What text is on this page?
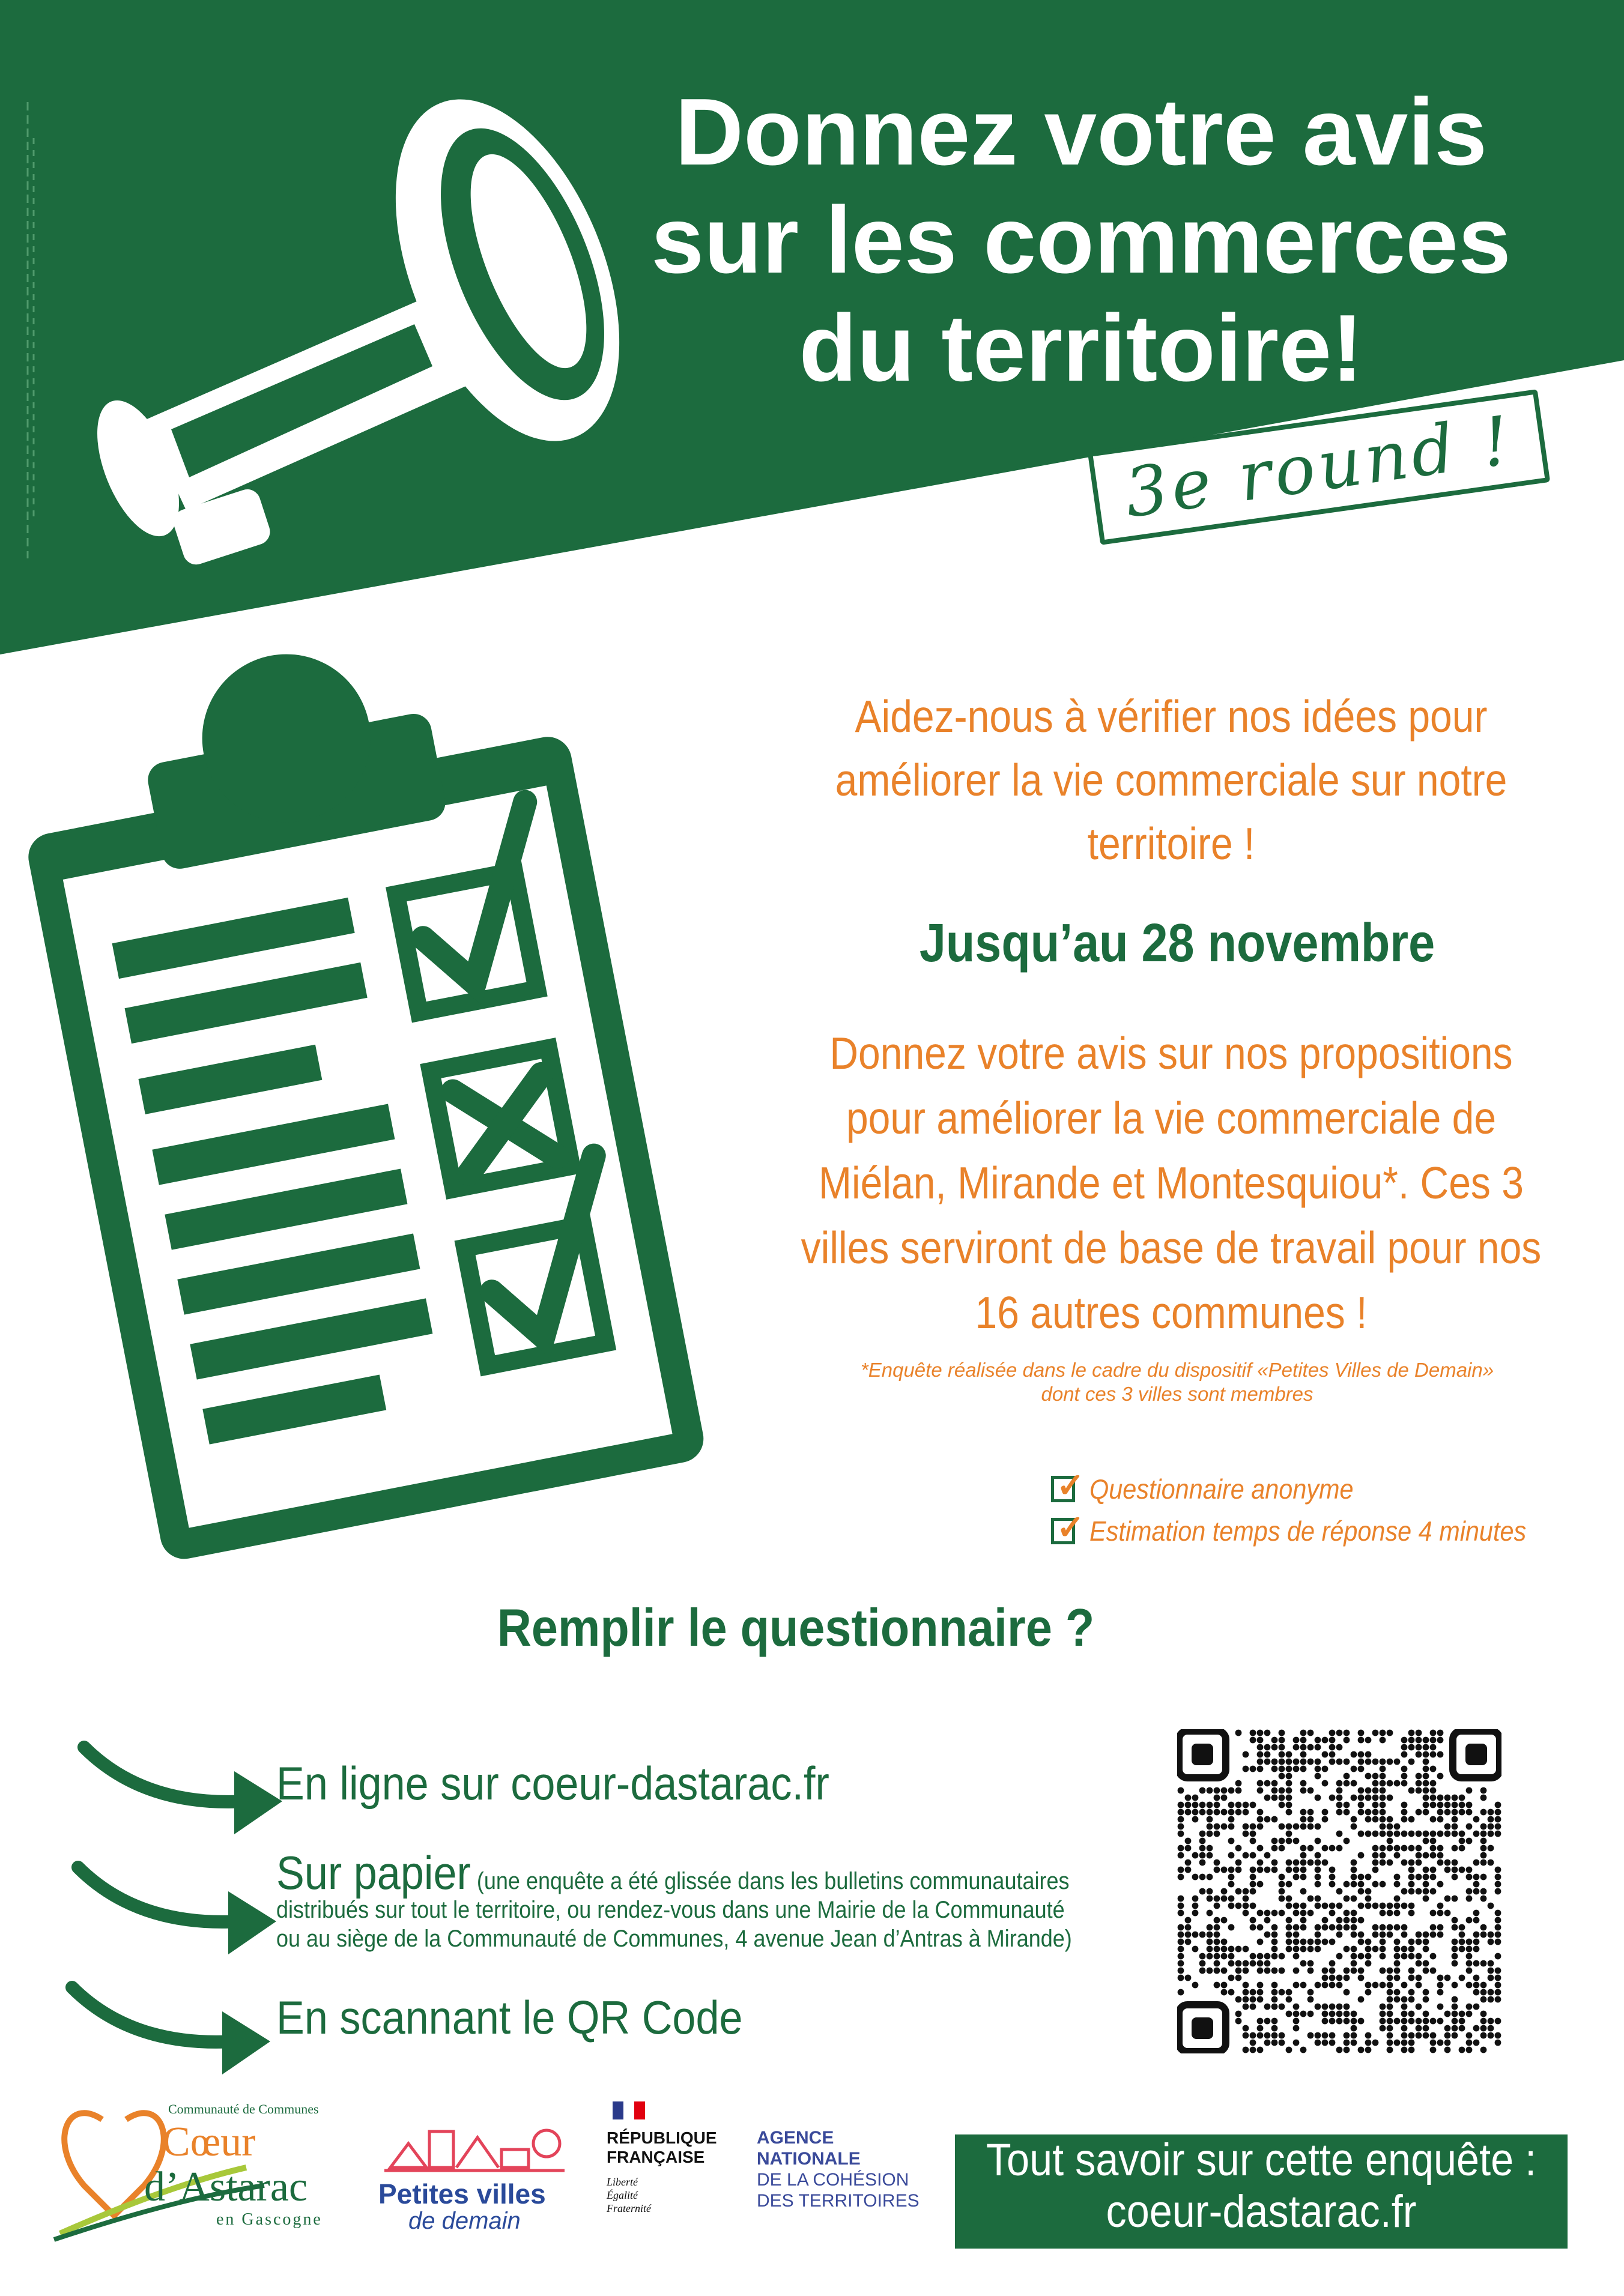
Donnez votre avis
sur les commerces
du territoire!
3e round !
Aidez-nous à vérifier nos idées pour
améliorer la vie commerciale sur notre
territoire !
Jusqu’au 28 novembre
Donnez votre avis sur nos propositions
pour améliorer la vie commerciale de
Miélan, Mirande et Montesquiou*. Ces 3
villes serviront de base de travail pour nos
16 autres communes !
*Enquête réalisée dans le cadre du dispositif «Petites Villes de Demain»
dont ces 3 villes sont membres
✓ Questionnaire anonyme
✓ Estimation temps de réponse 4 minutes
Remplir le questionnaire ?
En ligne sur coeur-dastarac.fr
Sur papier (une enquête a été glissée dans les bulletins communautaires
distribués sur tout le territoire, ou rendez-vous dans une Mairie de la Communauté
ou au siège de la Communauté de Communes, 4 avenue Jean d’Antras à Mirande)
En scannant le QR Code
Communauté de Communes
Cœur
d’Astarac
en Gascogne
Petites villes
de demain
RÉPUBLIQUE
FRANÇAISE
Liberté
Égalité
Fraternité
AGENCE
NATIONALE
DE LA COHÉSION
DES TERRITOIRES
Tout savoir sur cette enquête :
coeur-dastarac.fr
